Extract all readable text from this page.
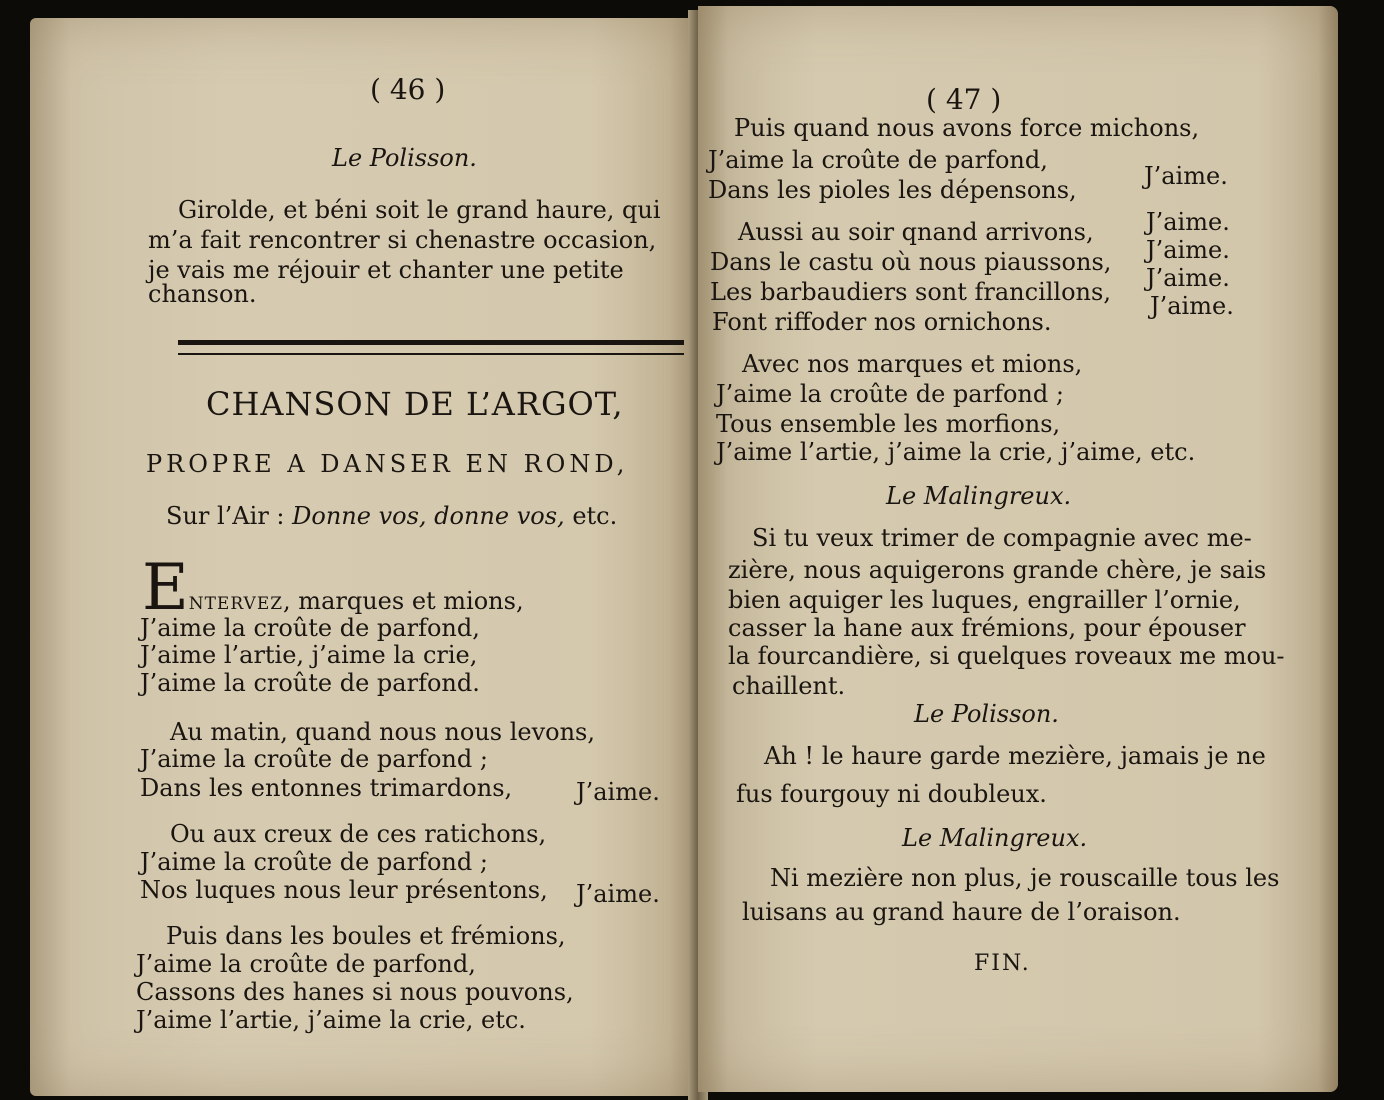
( 46 )
Le Polisson.
Girolde, et béni soit le grand haure, qui
m’a fait rencontrer si chenastre occasion,
je vais me réjouir et chanter une petite
chanson.
CHANSON DE L’ARGOT,
PROPRE A DANSER EN ROND,
Sur l’Air : Donne vos, donne vos, etc.
ENTERVEZ, marques et mions,
J’aime la croûte de parfond,
J’aime l’artie, j’aime la crie,
J’aime la croûte de parfond.
Au matin, quand nous nous levons,
J’aime la croûte de parfond ;
Dans les entonnes trimardons,	J’aime.
Ou aux creux de ces ratichons,
J’aime la croûte de parfond ;
Nos luques nous leur présentons, J’aime.
Puis dans les boules et frémions,
J’aime la croûte de parfond,
Cassons des hanes si nous pouvons,
J’aime l’artie, j’aime la crie, etc.
( 47 )
Puis quand nous avons force michons,
J’aime la croûte de parfond,
Dans les pioles les dépensons,	J’aime.
Aussi au soir qnand arrivons,
Dans le castu où nous piaussons,
Les barbaudiers sont francillons,
Font riffoder nos ornichons.
J’aime.
J’aime.
J’aime.
J’aime.
Avec nos marques et mions,
J’aime la croûte de parfond ;
Tous ensemble les morfions,
J’aime l’artie, j’aime la crie, j’aime, etc.
Le Malingreux.
Si tu veux trimer de compagnie avec me-
zière, nous aquigerons grande chère, je sais
bien aquiger les luques, engrailler l’ornie,
casser la hane aux frémions, pour épouser
la fourcandière, si quelques roveaux me mou-
chaillent.
Le Polisson.
Ah ! le haure garde mezière, jamais je ne
fus fourgouy ni doubleux.
Le Malingreux.
Ni mezière non plus, je rouscaille tous les
luisans au grand haure de l’oraison.
FIN.
